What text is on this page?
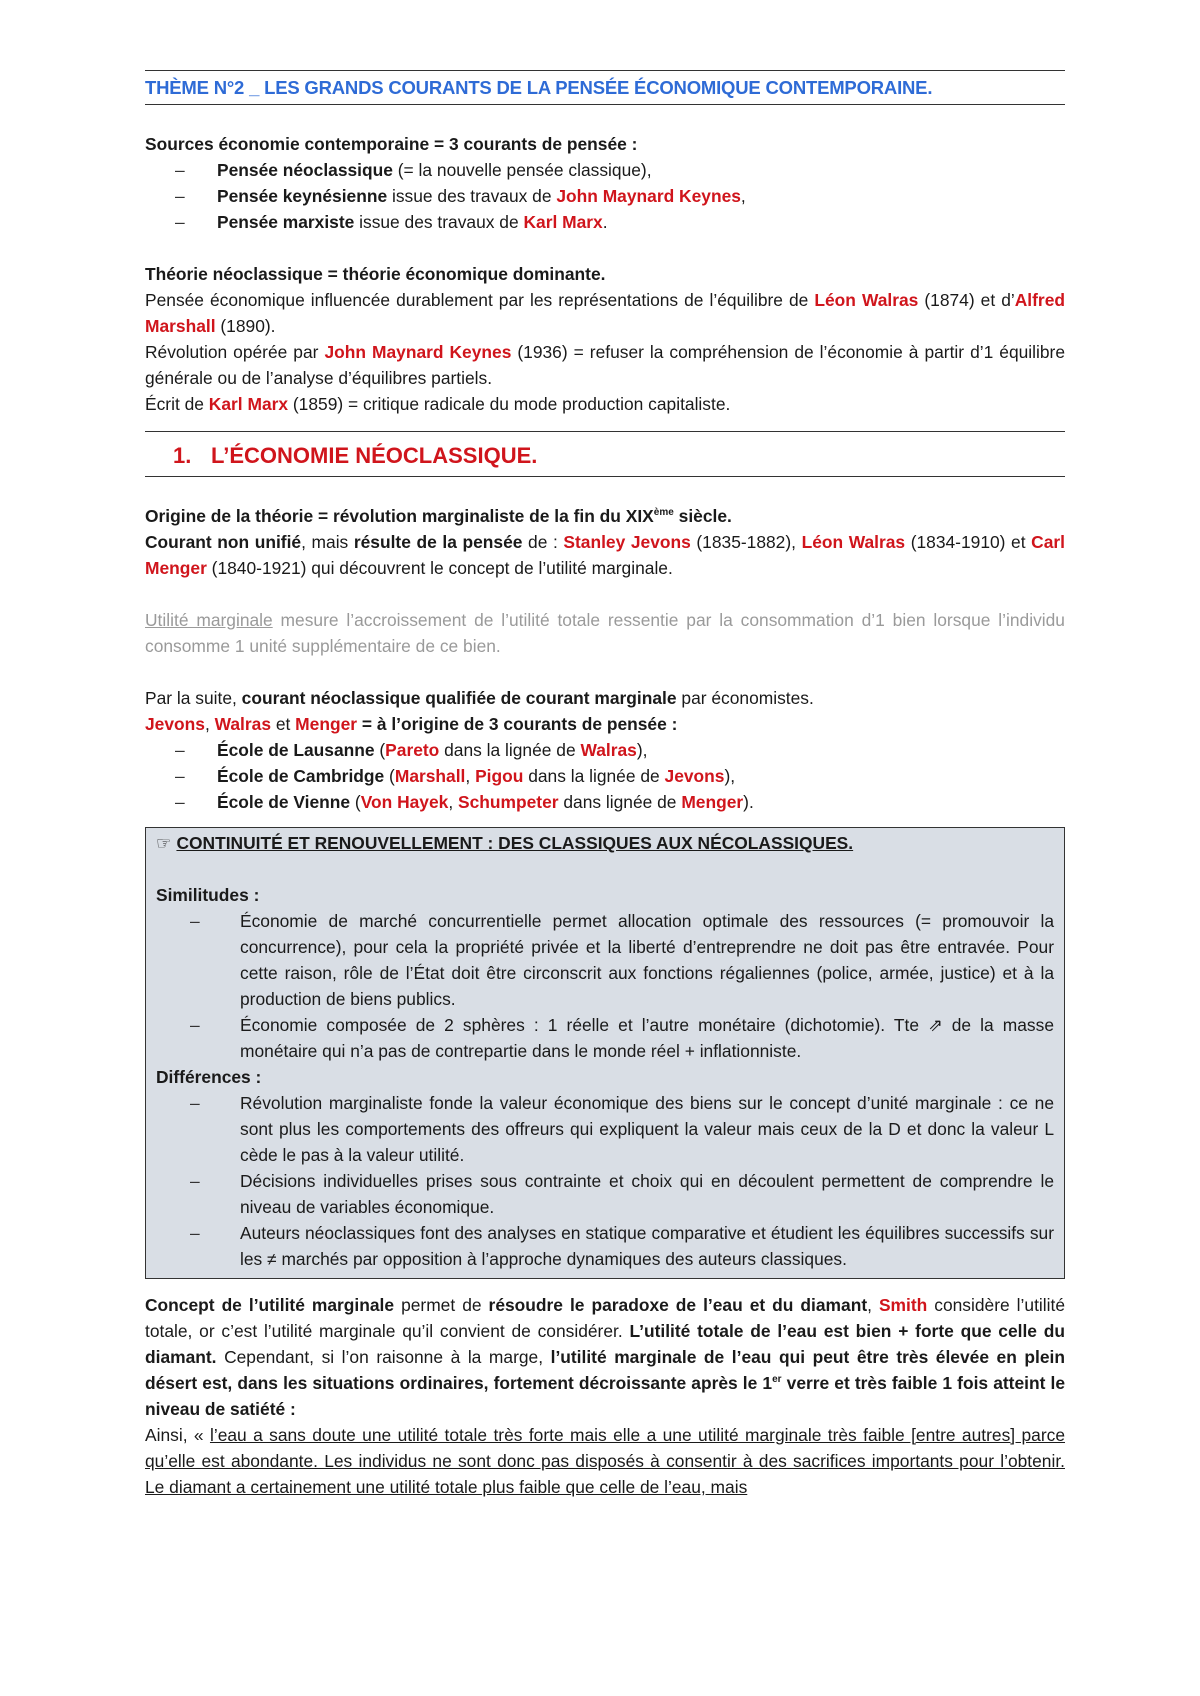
THÈME N°2 _ LES GRANDS COURANTS DE LA PENSÉE ÉCONOMIQUE CONTEMPORAINE.

Sources économie contemporaine = 3 courants de pensée :

– Pensée néoclassique (= la nouvelle pensée classique),
– Pensée keynésienne issue des travaux de John Maynard Keynes,
– Pensée marxiste issue des travaux de Karl Marx.

Théorie néoclassique = théorie économique dominante.

Pensée économique influencée durablement par les représentations de l’équilibre de Léon Walras (1874) et d’Alfred Marshall (1890).

Révolution opérée par John Maynard Keynes (1936) = refuser la compréhension de l’économie à partir d’1 équilibre générale ou de l’analyse d’équilibres partiels.

Écrit de Karl Marx (1859) = critique radicale du mode production capitaliste.

1. L’ÉCONOMIE NÉOCLASSIQUE.

Origine de la théorie = révolution marginaliste de la fin du XIXème siècle.

Courant non unifié, mais résulte de la pensée de : Stanley Jevons (1835-1882), Léon Walras (1834-1910) et Carl Menger (1840-1921) qui découvrent le concept de l’utilité marginale.

Utilité marginale mesure l’accroissement de l’utilité totale ressentie par la consommation d’1 bien lorsque l’individu consomme 1 unité supplémentaire de ce bien.

Par la suite, courant néoclassique qualifiée de courant marginale par économistes.

Jevons, Walras et Menger = à l’origine de 3 courants de pensée :

– École de Lausanne (Pareto dans la lignée de Walras),
– École de Cambridge (Marshall, Pigou dans la lignée de Jevons),
– École de Vienne (Von Hayek, Schumpeter dans lignée de Menger).

☞ CONTINUITÉ ET RENOUVELLEMENT : DES CLASSIQUES AUX NÉCOLASSIQUES.

Similitudes :

– Économie de marché concurrentielle permet allocation optimale des ressources (= promouvoir la concurrence), pour cela la propriété privée et la liberté d’entreprendre ne doit pas être entravée. Pour cette raison, rôle de l’État doit être circonscrit aux fonctions régaliennes (police, armée, justice) et à la production de biens publics.
– Économie composée de 2 sphères : 1 réelle et l’autre monétaire (dichotomie). Tte ⇗ de la masse monétaire qui n’a pas de contrepartie dans le monde réel + inflationniste.

Différences :

– Révolution marginaliste fonde la valeur économique des biens sur le concept d’unité marginale : ce ne sont plus les comportements des offreurs qui expliquent la valeur mais ceux de la D et donc la valeur L cède le pas à la valeur utilité.
– Décisions individuelles prises sous contrainte et choix qui en découlent permettent de comprendre le niveau de variables économique.
– Auteurs néoclassiques font des analyses en statique comparative et étudient les équilibres successifs sur les ≠ marchés par opposition à l’approche dynamiques des auteurs classiques.

Concept de l’utilité marginale permet de résoudre le paradoxe de l’eau et du diamant, Smith considère l’utilité totale, or c’est l’utilité marginale qu’il convient de considérer. L’utilité totale de l’eau est bien + forte que celle du diamant. Cependant, si l’on raisonne à la marge, l’utilité marginale de l’eau qui peut être très élevée en plein désert est, dans les situations ordinaires, fortement décroissante après le 1er verre et très faible 1 fois atteint le niveau de satiété :

Ainsi, « l’eau a sans doute une utilité totale très forte mais elle a une utilité marginale très faible [entre autres] parce qu’elle est abondante. Les individus ne sont donc pas disposés à consentir à des sacrifices importants pour l’obtenir. Le diamant a certainement une utilité totale plus faible que celle de l’eau, mais
